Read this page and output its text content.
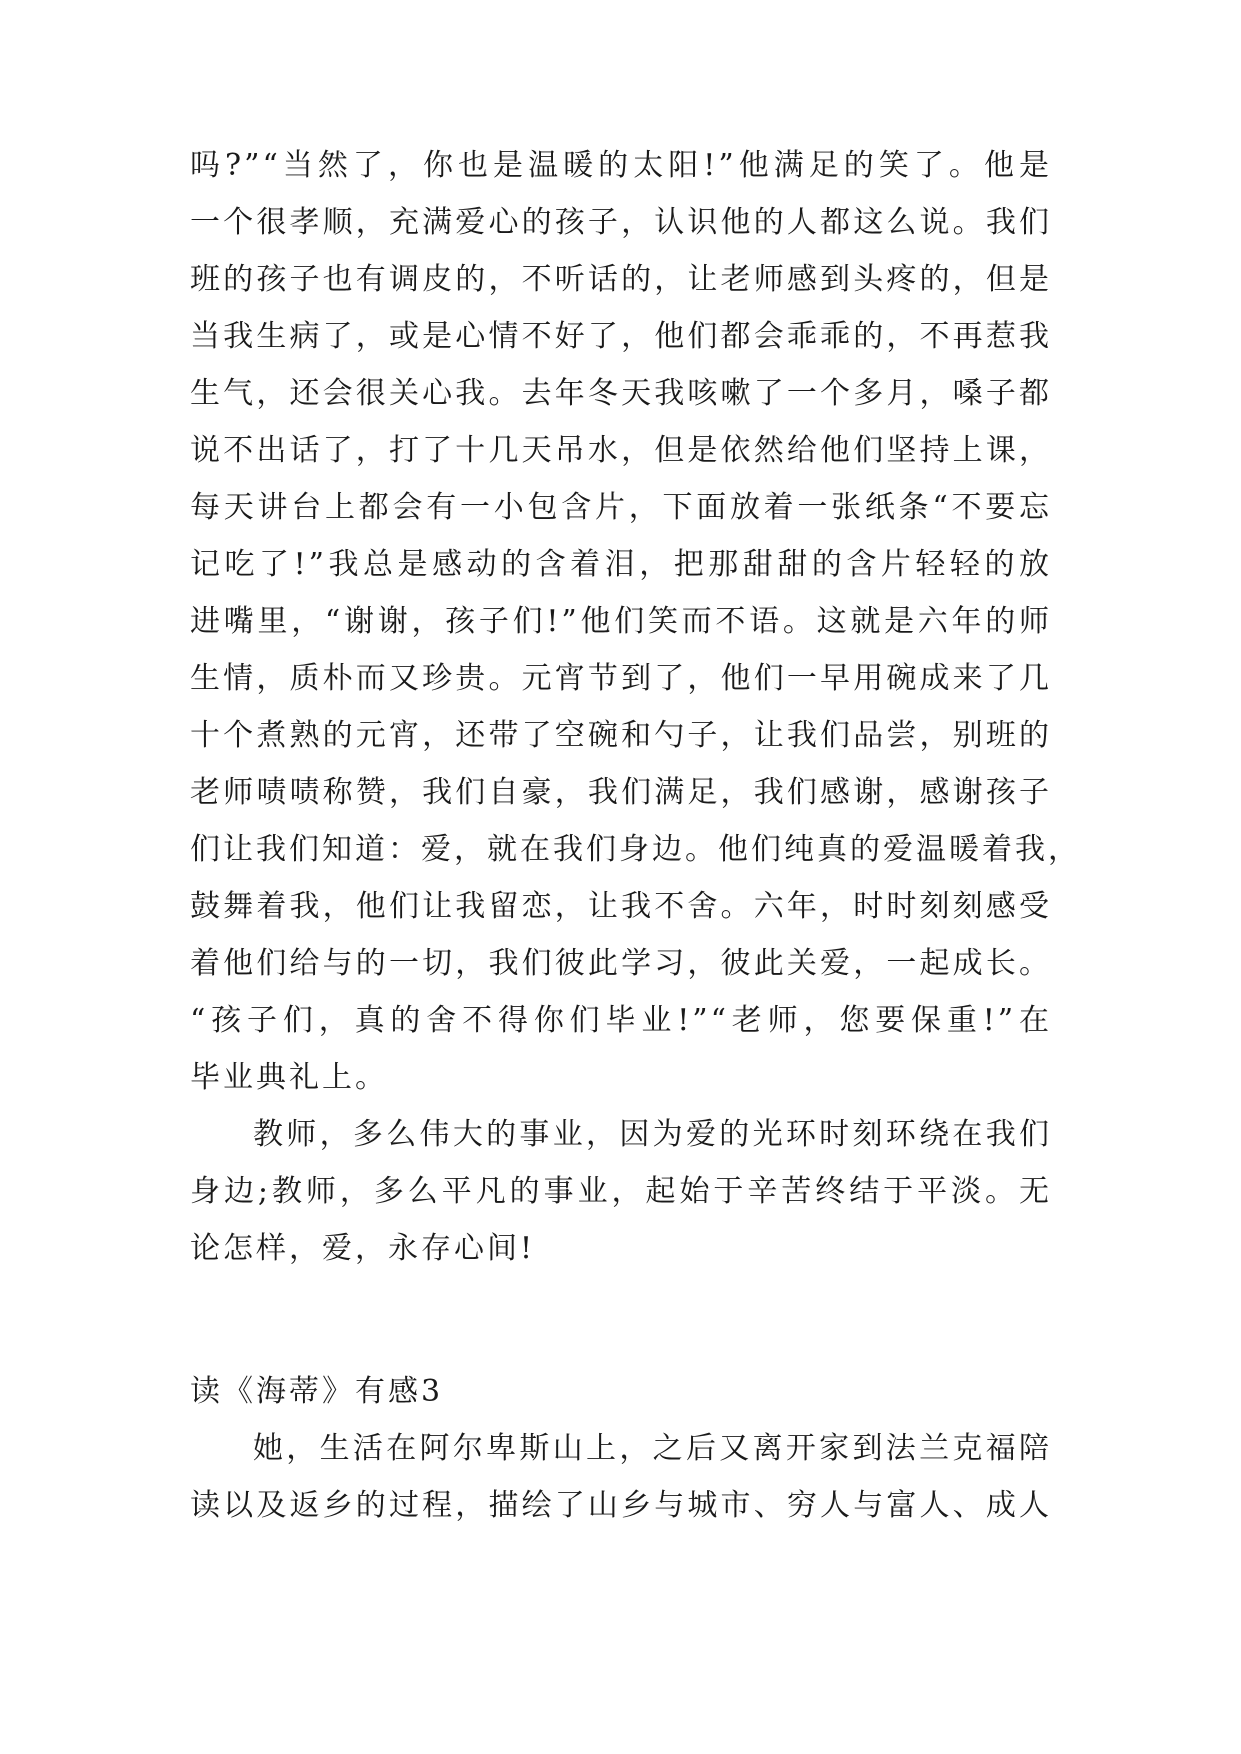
吗?”“当然了，你也是温暖的太阳!”他满足的笑了。他是
一个很孝顺，充满爱心的孩子，认识他的人都这么说。我们
班的孩子也有调皮的，不听话的，让老师感到头疼的，但是
当我生病了，或是心情不好了，他们都会乖乖的，不再惹我
生气，还会很关心我。去年冬天我咳嗽了一个多月，嗓子都
说不出话了，打了十几天吊水，但是依然给他们坚持上课，
每天讲台上都会有一小包含片，下面放着一张纸条“不要忘
记吃了!”我总是感动的含着泪，把那甜甜的含片轻轻的放
进嘴里，“谢谢，孩子们!”他们笑而不语。这就是六年的师
生情，质朴而又珍贵。元宵节到了，他们一早用碗成来了几
十个煮熟的元宵，还带了空碗和勺子，让我们品尝，别班的
老师啧啧称赞，我们自豪，我们满足，我们感谢，感谢孩子
们让我们知道：爱，就在我们身边。他们纯真的爱温暖着我，
鼓舞着我，他们让我留恋，让我不舍。六年，时时刻刻感受
着他们给与的一切，我们彼此学习，彼此关爱，一起成长。
“孩子们，真的舍不得你们毕业!”“老师，您要保重!”在
毕业典礼上。
教师，多么伟大的事业，因为爱的光环时刻环绕在我们
身边;教师，多么平凡的事业，起始于辛苦终结于平淡。无
论怎样，爱，永存心间!
读《海蒂》有感3
她，生活在阿尔卑斯山上，之后又离开家到法兰克福陪
读以及返乡的过程，描绘了山乡与城市、穷人与富人、成人
